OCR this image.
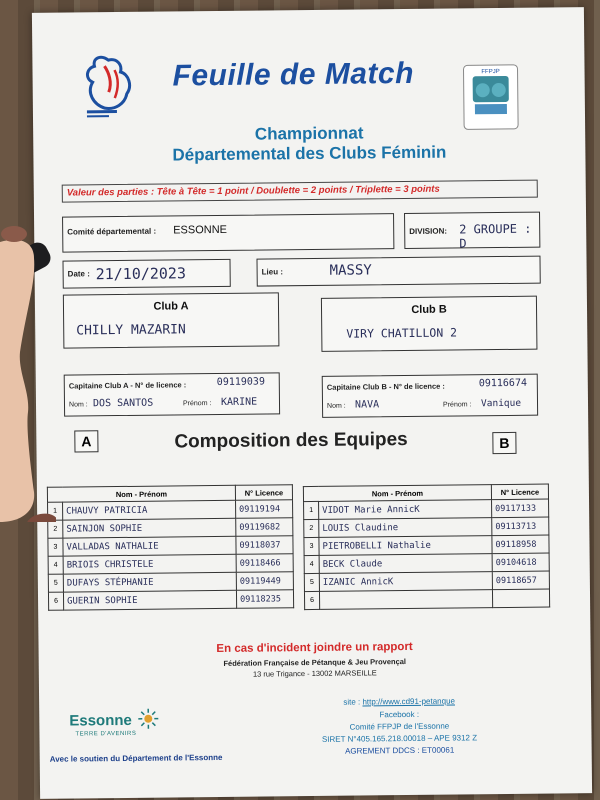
Feuille de Match	FFPJP
Championnat
Départemental des Clubs Féminin
Valeur des parties : Tête à Tête = 1 point / Doublette = 2 points / Triplette = 3 points
Comité départemental : ESSONNE	DIVISION: 2 GROUPE : D
Date : 21/10/2023	Lieu :	MASSY
Club A
CHILLY MAZARIN
Club B
VIRY CHATILLON 2
Capitaine Club A - N° de licence :	09119039
Nom : DOS SANTOS	Prénom : KARINE
Capitaine Club B - N° de licence :	09116674
Nom : NAVA	Prénom : Vanique
A	Composition des Equipes	B
Nom - Prénom		N° Licence
1	CHAUVY PATRICIA	09119194
2	SAINJON SOPHIE	09119682
3	VALLADAS NATHALIE	09118037
4	BRIOIS CHRISTELE	09118466
5	DUFAYS STÉPHANIE	09119449
6	GUERIN SOPHIE	09118235
Nom - Prénom		N° Licence
1	VIDOT Marie AnnicK	09117133
2	LOUIS Claudine	09113713
3	PIETROBELLI Nathalie	09118958
4	BECK Claude	09104618
5	IZANIC AnnicK	09118657
6		
En cas d'incident joindre un rapport
Fédération Française de Pétanque & Jeu Provençal
13 rue Trigance - 13002 MARSEILLE
Essonne
TERRE D'AVENIRS
Avec le soutien du Département de l'Essonne
site : http://www.cd91-petanque
Facebook :
Comité FFPJP de l'Essonne
SIRET N°405.165.218.00018 – APE 9312 Z
AGREMENT DDCS : ET00061
